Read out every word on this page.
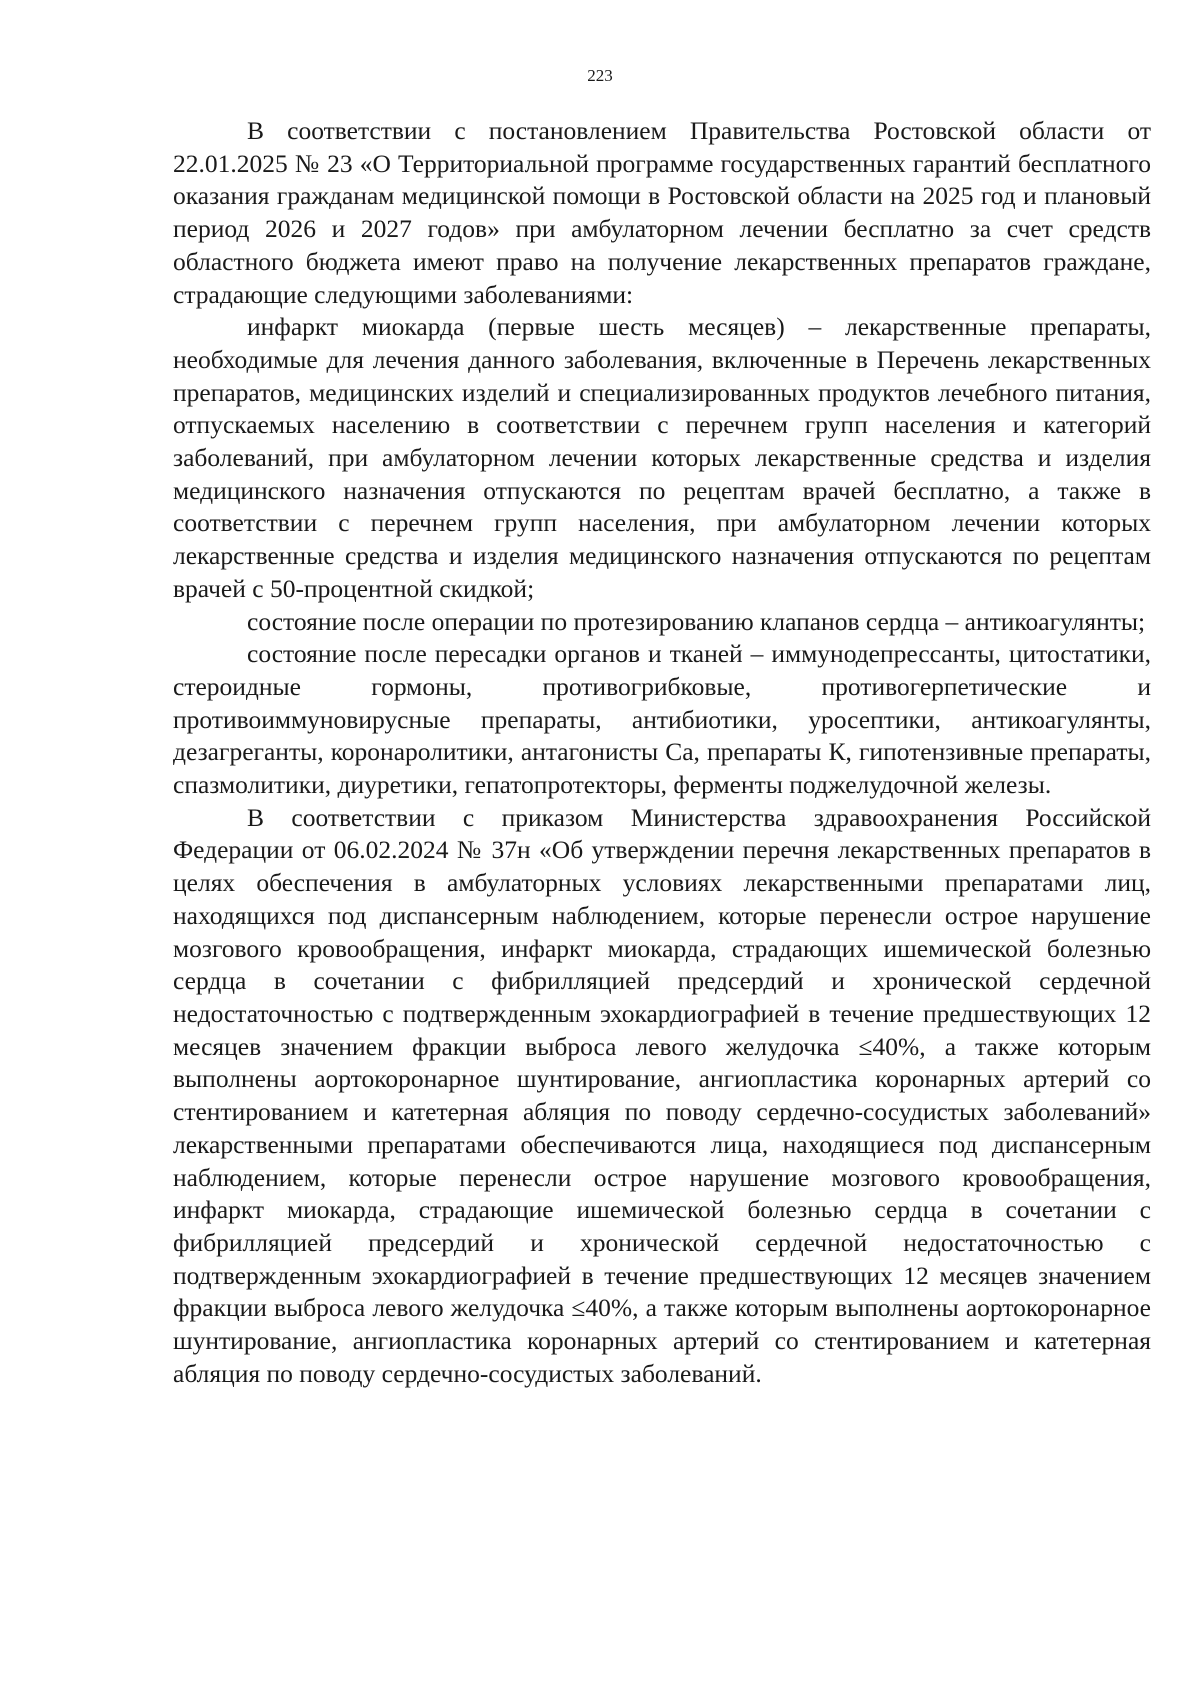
223

В соответствии с постановлением Правительства Ростовской области от 22.01.2025 № 23 «О Территориальной программе государственных гарантий бесплатного оказания гражданам медицинской помощи в Ростовской области на 2025 год и плановый период 2026 и 2027 годов» при амбулаторном лечении бесплатно за счет средств областного бюджета имеют право на получение лекарственных препаратов граждане, страдающие следующими заболеваниями:

инфаркт миокарда (первые шесть месяцев) – лекарственные препараты, необходимые для лечения данного заболевания, включенные в Перечень лекарственных препаратов, медицинских изделий и специализированных продуктов лечебного питания, отпускаемых населению в соответствии с перечнем групп населения и категорий заболеваний, при амбулаторном лечении которых лекарственные средства и изделия медицинского назначения отпускаются по рецептам врачей бесплатно, а также в соответствии с перечнем групп населения, при амбулаторном лечении которых лекарственные средства и изделия медицинского назначения отпускаются по рецептам врачей с 50-процентной скидкой;

состояние после операции по протезированию клапанов сердца – антикоагулянты;

состояние после пересадки органов и тканей – иммунодепрессанты, цитостатики, стероидные гормоны, противогрибковые, противогерпетические и противоиммуновирусные препараты, антибиотики, уросептики, антикоагулянты, дезагреганты, коронаролитики, антагонисты Са, препараты К, гипотензивные препараты, спазмолитики, диуретики, гепатопротекторы, ферменты поджелудочной железы.

В соответствии с приказом Министерства здравоохранения Российской Федерации от 06.02.2024 № 37н «Об утверждении перечня лекарственных препаратов в целях обеспечения в амбулаторных условиях лекарственными препаратами лиц, находящихся под диспансерным наблюдением, которые перенесли острое нарушение мозгового кровообращения, инфаркт миокарда, страдающих ишемической болезнью сердца в сочетании с фибрилляцией предсердий и хронической сердечной недостаточностью с подтвержденным эхокардиографией в течение предшествующих 12 месяцев значением фракции выброса левого желудочка ≤40%, а также которым выполнены аортокоронарное шунтирование, ангиопластика коронарных артерий со стентированием и катетерная абляция по поводу сердечно-сосудистых заболеваний» лекарственными препаратами обеспечиваются лица, находящиеся под диспансерным наблюдением, которые перенесли острое нарушение мозгового кровообращения, инфаркт миокарда, страдающие ишемической болезнью сердца в сочетании с фибрилляцией предсердий и хронической сердечной недостаточностью с подтвержденным эхокардиографией в течение предшествующих 12 месяцев значением фракции выброса левого желудочка ≤40%, а также которым выполнены аортокоронарное шунтирование, ангиопластика коронарных артерий со стентированием и катетерная абляция по поводу сердечно-сосудистых заболеваний.
